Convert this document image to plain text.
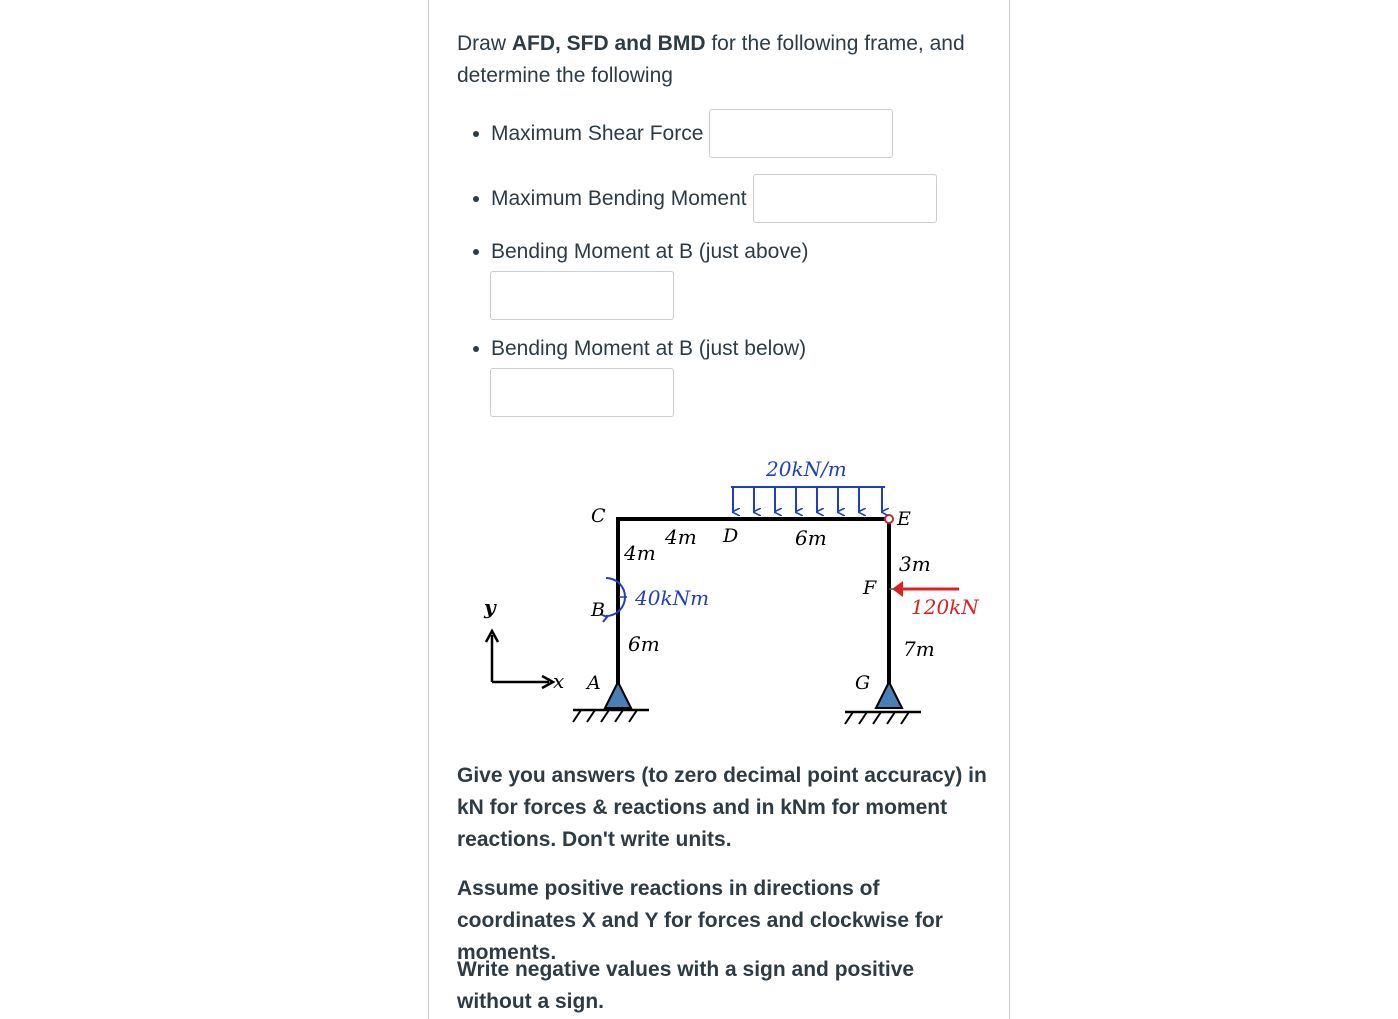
Draw AFD, SFD and BMD for the following frame, and determine the following
Maximum Shear Force
Maximum Bending Moment
Bending Moment at B (just above)
Bending Moment at B (just below)
y
x
20kN/m
40kNm	120kN
C
D
E
B
F
A	G
4m
4m
6m
6m
3m
7m
Give you answers (to zero decimal point accuracy) in kN for forces & reactions and in kNm for moment reactions. Don't write units.
Assume positive reactions in directions of coordinates X and Y for forces and clockwise for moments.
Write negative values with a sign and positive without a sign.
